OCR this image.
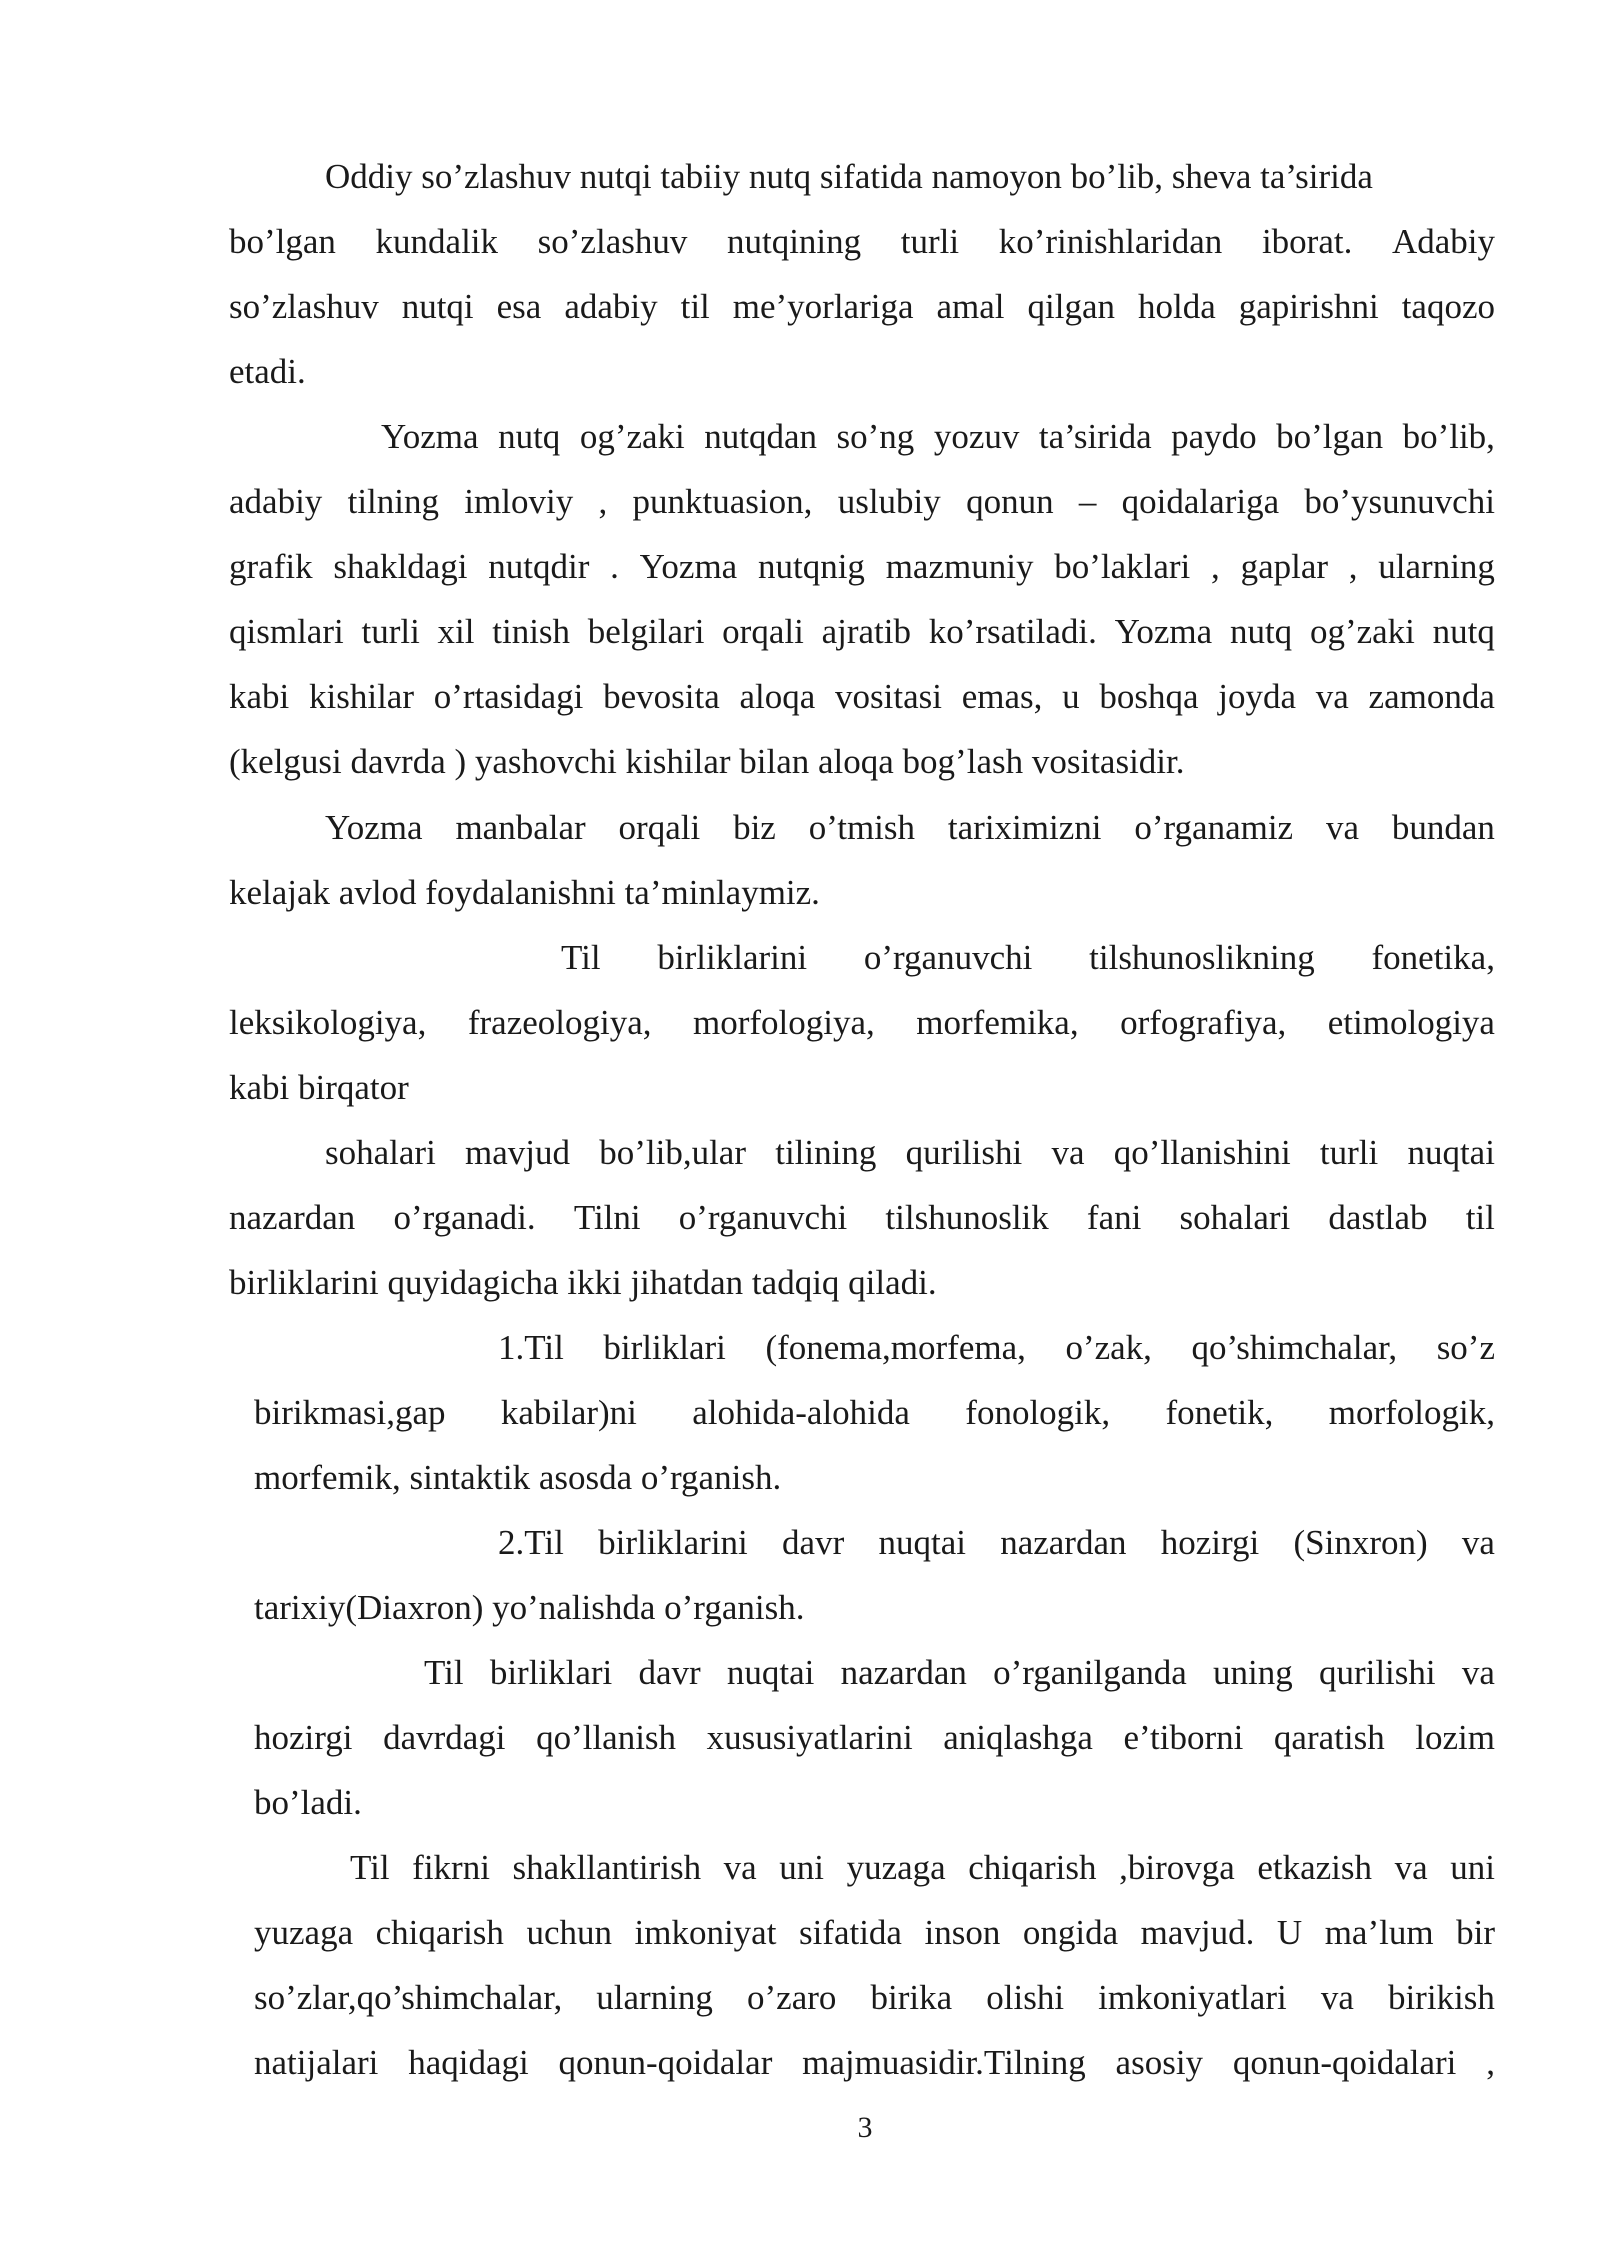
Oddiy so’zlashuv nutqi tabiiy nutq sifatida namoyon bo’lib, sheva ta’sirida
bo’lgan kundalik so’zlashuv nutqining turli ko’rinishlaridan iborat. Adabiy
so’zlashuv nutqi esa adabiy til me’yorlariga amal qilgan holda gapirishni taqozo
etadi.
Yozma nutq og’zaki nutqdan so’ng yozuv ta’sirida paydo bo’lgan bo’lib,
adabiy tilning imloviy , punktuasion, uslubiy qonun – qoidalariga bo’ysunuvchi
grafik shakldagi nutqdir . Yozma nutqnig mazmuniy bo’laklari , gaplar , ularning
qismlari turli xil tinish belgilari orqali ajratib ko’rsatiladi. Yozma nutq og’zaki nutq
kabi kishilar o’rtasidagi bevosita aloqa vositasi emas, u boshqa joyda va zamonda
(kelgusi davrda ) yashovchi kishilar bilan aloqa bog’lash vositasidir.
Yozma manbalar orqali biz o’tmish tariximizni o’rganamiz va bundan
kelajak avlod foydalanishni ta’minlaymiz.
Til birliklarini o’rganuvchi tilshunoslikning fonetika,
leksikologiya, frazeologiya, morfologiya, morfemika, orfografiya, etimologiya
kabi birqator
sohalari mavjud bo’lib,ular tilining qurilishi va qo’llanishini turli nuqtai
nazardan o’rganadi. Tilni o’rganuvchi tilshunoslik fani sohalari dastlab til
birliklarini quyidagicha ikki jihatdan tadqiq qiladi.
1.Til birliklari (fonema,morfema, o’zak, qo’shimchalar, so’z
birikmasi,gap kabilar)ni alohida-alohida fonologik, fonetik, morfologik,
morfemik, sintaktik asosda o’rganish.
2.Til birliklarini davr nuqtai nazardan hozirgi (Sinxron) va
tarixiy(Diaxron) yo’nalishda o’rganish.
Til birliklari davr nuqtai nazardan o’rganilganda uning qurilishi va
hozirgi davrdagi qo’llanish xususiyatlarini aniqlashga e’tiborni qaratish lozim
bo’ladi.
Til fikrni shakllantirish va uni yuzaga chiqarish ,birovga etkazish va uni
yuzaga chiqarish uchun imkoniyat sifatida inson ongida mavjud. U ma’lum bir
so’zlar,qo’shimchalar, ularning o’zaro birika olishi imkoniyatlari va birikish
natijalari haqidagi qonun-qoidalar majmuasidir.Tilning asosiy qonun-qoidalari ,
3
